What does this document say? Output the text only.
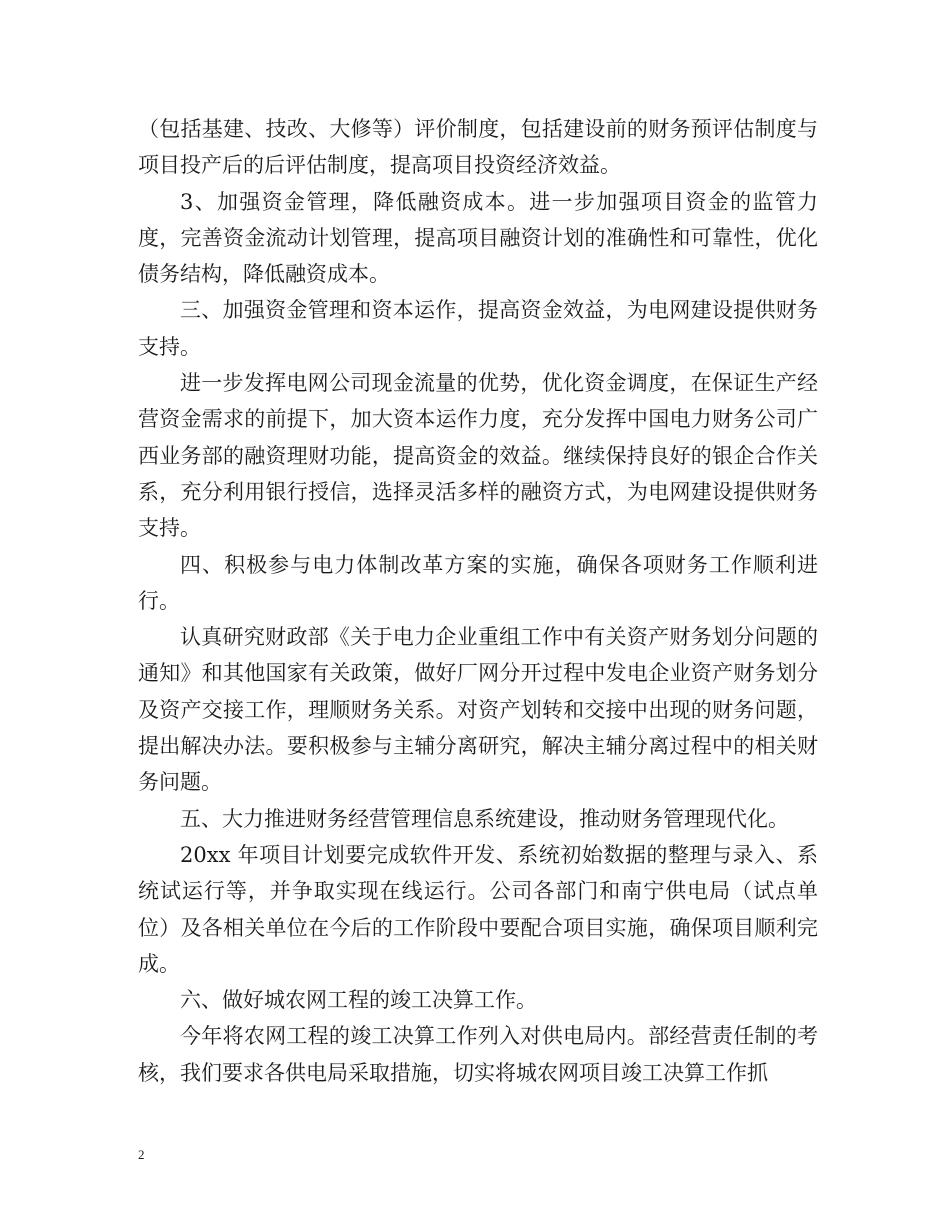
（包括基建、技改、大修等）评价制度，包括建设前的财务预评估制度与项目投产后的后评估制度，提高项目投资经济效益。

3、加强资金管理，降低融资成本。进一步加强项目资金的监管力度，完善资金流动计划管理，提高项目融资计划的准确性和可靠性，优化债务结构，降低融资成本。

三、加强资金管理和资本运作，提高资金效益，为电网建设提供财务支持。

进一步发挥电网公司现金流量的优势，优化资金调度，在保证生产经营资金需求的前提下，加大资本运作力度，充分发挥中国电力财务公司广西业务部的融资理财功能，提高资金的效益。继续保持良好的银企合作关系，充分利用银行授信，选择灵活多样的融资方式，为电网建设提供财务支持。

四、积极参与电力体制改革方案的实施，确保各项财务工作顺利进行。

认真研究财政部《关于电力企业重组工作中有关资产财务划分问题的通知》和其他国家有关政策，做好厂网分开过程中发电企业资产财务划分及资产交接工作，理顺财务关系。对资产划转和交接中出现的财务问题，提出解决办法。要积极参与主辅分离研究，解决主辅分离过程中的相关财务问题。

五、大力推进财务经营管理信息系统建设，推动财务管理现代化。

20xx 年项目计划要完成软件开发、系统初始数据的整理与录入、系统试运行等，并争取实现在线运行。公司各部门和南宁供电局（试点单位）及各相关单位在今后的工作阶段中要配合项目实施，确保项目顺利完成。

六、做好城农网工程的竣工决算工作。

今年将农网工程的竣工决算工作列入对供电局内。部经营责任制的考核，我们要求各供电局采取措施，切实将城农网项目竣工决算工作抓

2
